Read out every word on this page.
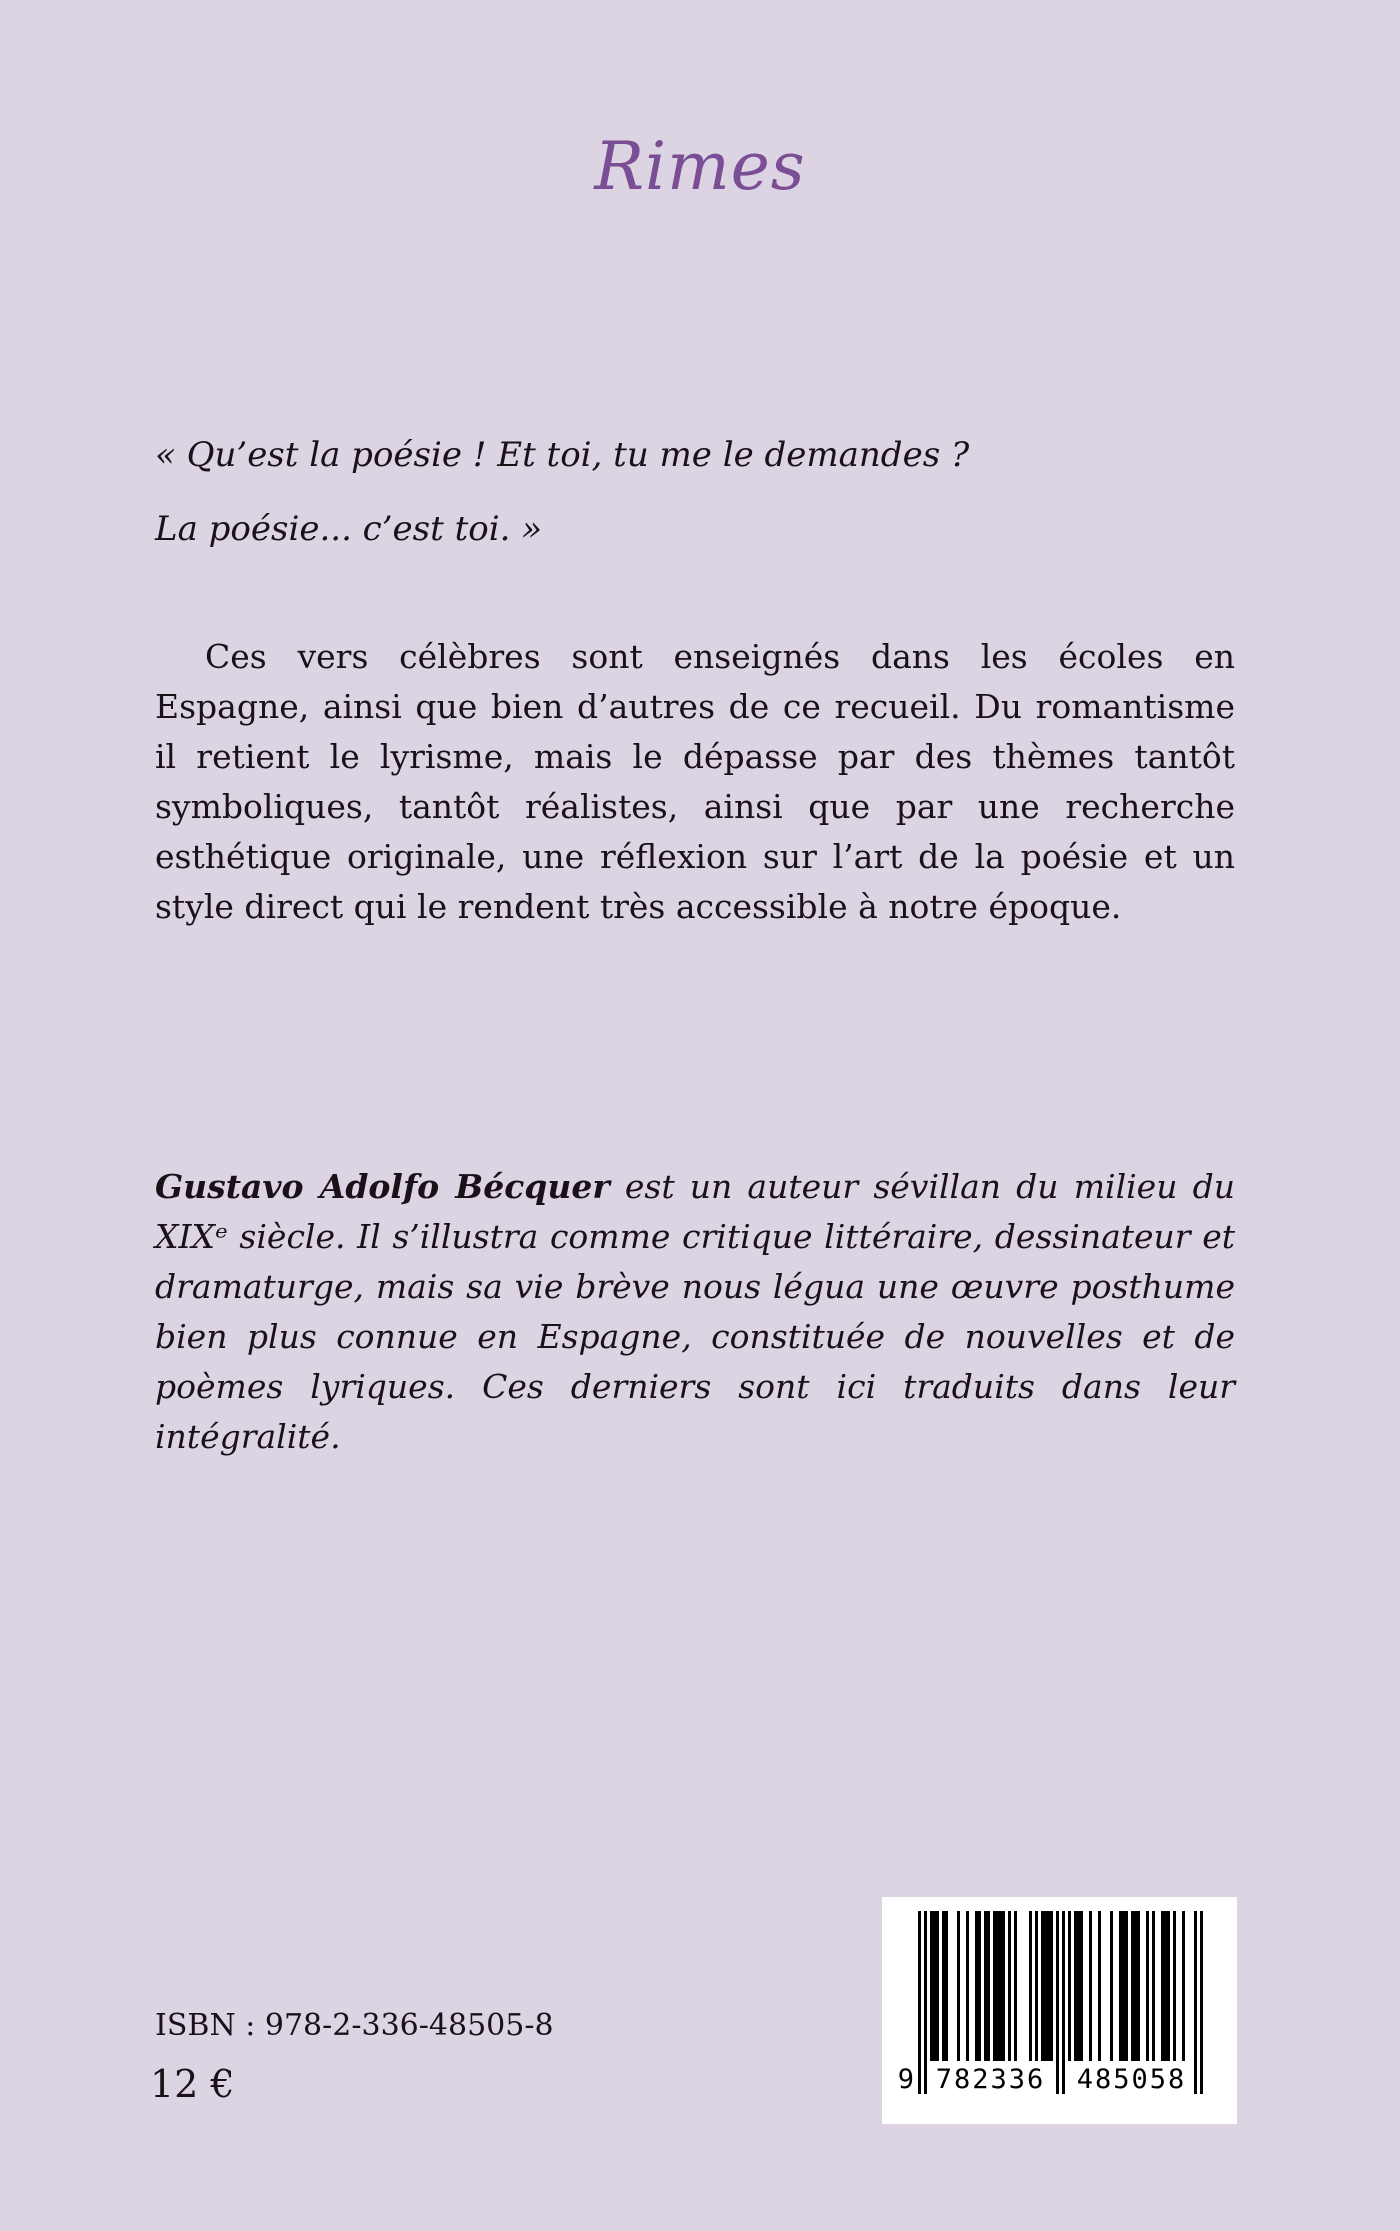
Rimes
« Qu’est la poésie ! Et toi, tu me le demandes ?
La poésie... c’est toi. »

Ces vers célèbres sont enseignés dans les écoles en Espagne, ainsi que bien d’autres de ce recueil. Du romantisme il retient le lyrisme, mais le dépasse par des thèmes tantôt symboliques, tantôt réalistes, ainsi que par une recherche esthétique originale, une réflexion sur l’art de la poésie et un style direct qui le rendent très accessible à notre époque.

Gustavo Adolfo Bécquer est un auteur sévillan du milieu du XIXᵉ siècle. Il s’illustra comme critique littéraire, dessinateur et dramaturge, mais sa vie brève nous légua une œuvre posthume bien plus connue en Espagne, constituée de nouvelles et de poèmes lyriques. Ces derniers sont ici traduits dans leur intégralité.

ISBN : 978-2-336-48505-8
12 €	9 782336 485058
